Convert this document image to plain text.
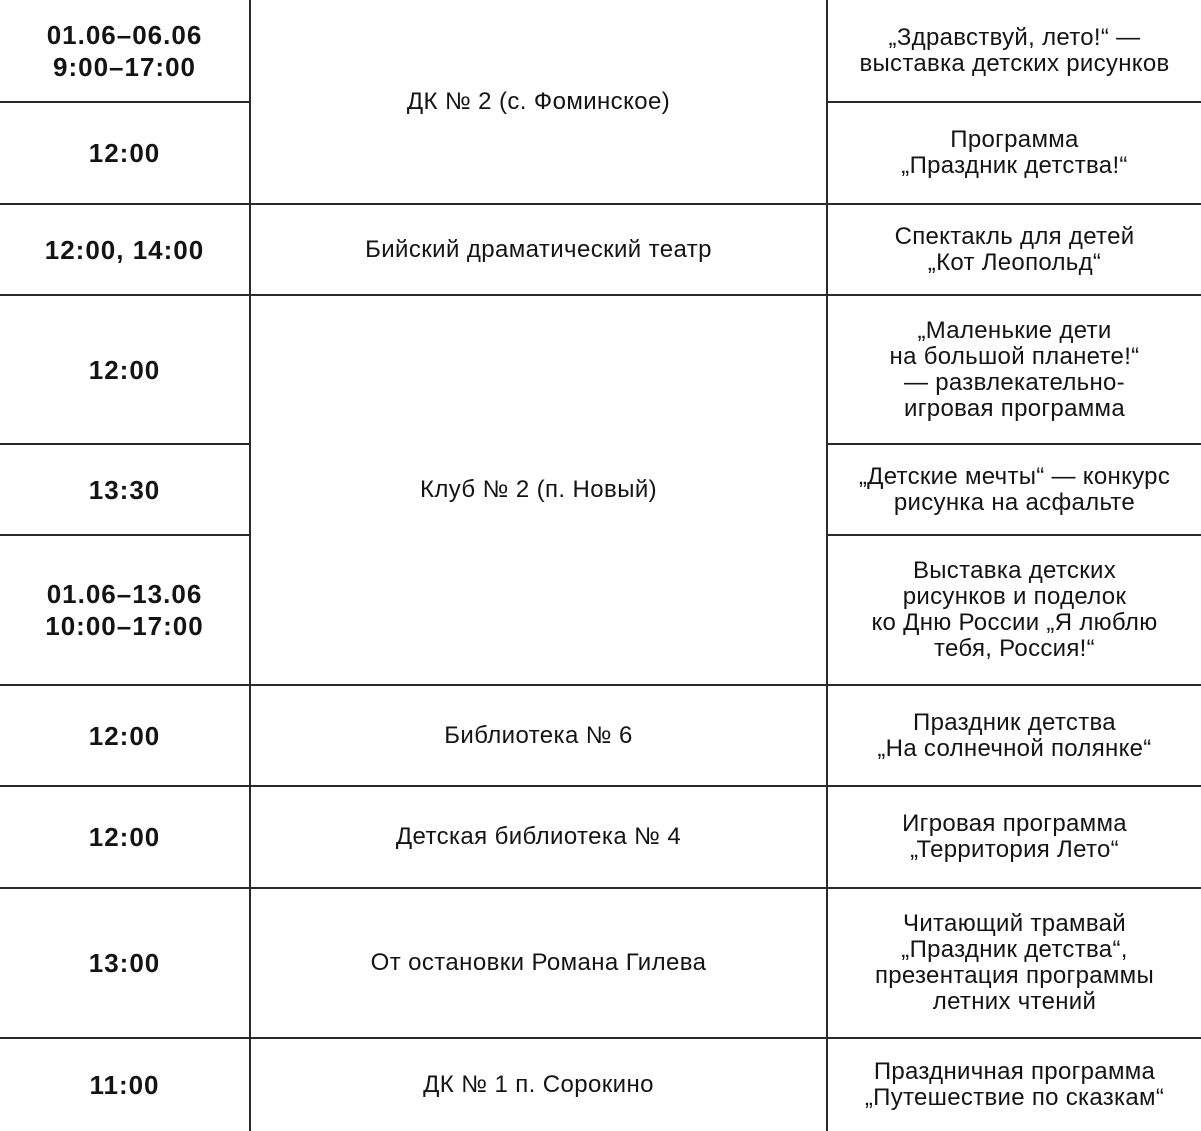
01.06–06.06
9:00–17:00	ДК № 2 (с. Фоминское)	„Здравствуй, лето!“ —
выставка детских рисунков
12:00		Программа
„Праздник детства!“
12:00, 14:00	Бийский драматический театр	Спектакль для детей
„Кот Леопольд“
12:00	Клуб № 2 (п. Новый)	„Маленькие дети
на большой планете!“
— развлекательно-
игровая программа
13:30		„Детские мечты“ — конкурс
рисунка на асфальте
01.06–13.06
10:00–17:00		Выставка детских
рисунков и поделок
ко Дню России „Я люблю
тебя, Россия!“
12:00	Библиотека № 6	Праздник детства
„На солнечной полянке“
12:00	Детская библиотека № 4	Игровая программа
„Территория Лето“
13:00	От остановки Романа Гилева	Читающий трамвай
„Праздник детства“,
презентация программы
летних чтений
11:00	ДК № 1 п. Сорокино	Праздничная программа
„Путешествие по сказкам“
